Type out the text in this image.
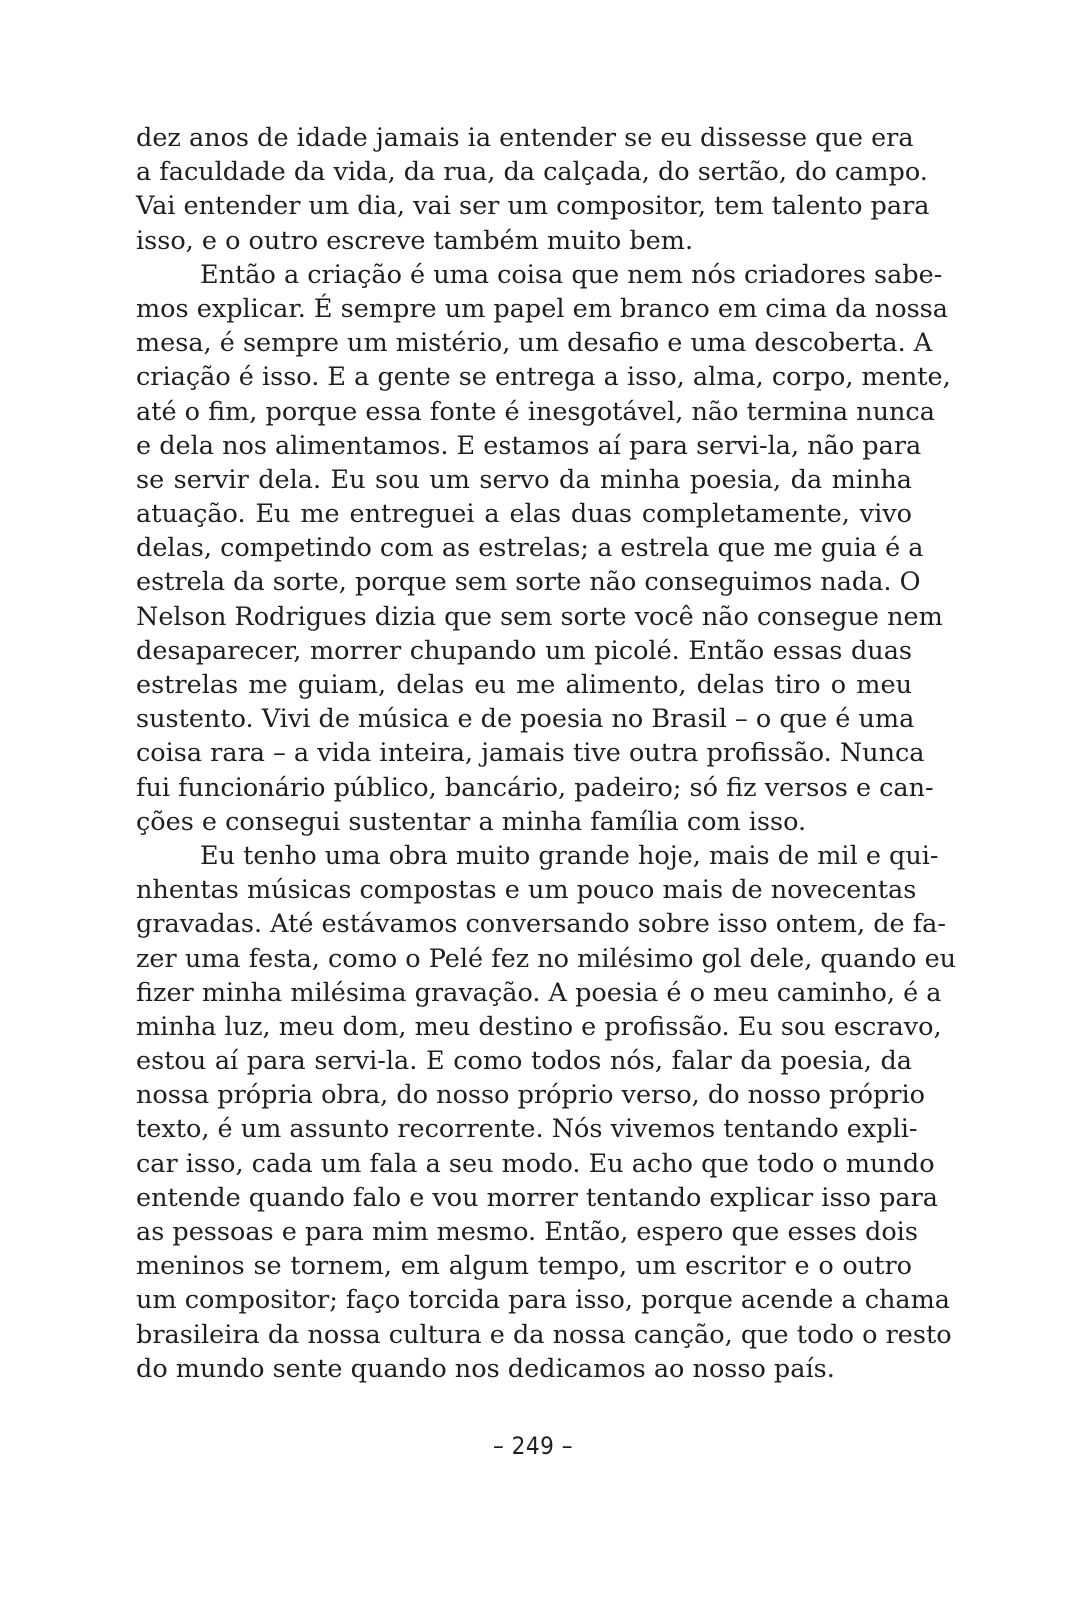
dez anos de idade jamais ia entender se eu dissesse que era
a faculdade da vida, da rua, da calçada, do sertão, do campo.
Vai entender um dia, vai ser um compositor, tem talento para
isso, e o outro escreve também muito bem.
Então a criação é uma coisa que nem nós criadores sabe-
mos explicar. É sempre um papel em branco em cima da nossa
mesa, é sempre um mistério, um desafio e uma descoberta. A
criação é isso. E a gente se entrega a isso, alma, corpo, mente,
até o fim, porque essa fonte é inesgotável, não termina nunca
e dela nos alimentamos. E estamos aí para servi-la, não para
se servir dela. Eu sou um servo da minha poesia, da minha
atuação. Eu me entreguei a elas duas completamente, vivo
delas, competindo com as estrelas; a estrela que me guia é a
estrela da sorte, porque sem sorte não conseguimos nada. O
Nelson Rodrigues dizia que sem sorte você não consegue nem
desaparecer, morrer chupando um picolé. Então essas duas
estrelas me guiam, delas eu me alimento, delas tiro o meu
sustento. Vivi de música e de poesia no Brasil – o que é uma
coisa rara – a vida inteira, jamais tive outra profissão. Nunca
fui funcionário público, bancário, padeiro; só fiz versos e can-
ções e consegui sustentar a minha família com isso.
Eu tenho uma obra muito grande hoje, mais de mil e qui-
nhentas músicas compostas e um pouco mais de novecentas
gravadas. Até estávamos conversando sobre isso ontem, de fa-
zer uma festa, como o Pelé fez no milésimo gol dele, quando eu
fizer minha milésima gravação. A poesia é o meu caminho, é a
minha luz, meu dom, meu destino e profissão. Eu sou escravo,
estou aí para servi-la. E como todos nós, falar da poesia, da
nossa própria obra, do nosso próprio verso, do nosso próprio
texto, é um assunto recorrente. Nós vivemos tentando expli-
car isso, cada um fala a seu modo. Eu acho que todo o mundo
entende quando falo e vou morrer tentando explicar isso para
as pessoas e para mim mesmo. Então, espero que esses dois
meninos se tornem, em algum tempo, um escritor e o outro
um compositor; faço torcida para isso, porque acende a chama
brasileira da nossa cultura e da nossa canção, que todo o resto
do mundo sente quando nos dedicamos ao nosso país.
– 249 –
